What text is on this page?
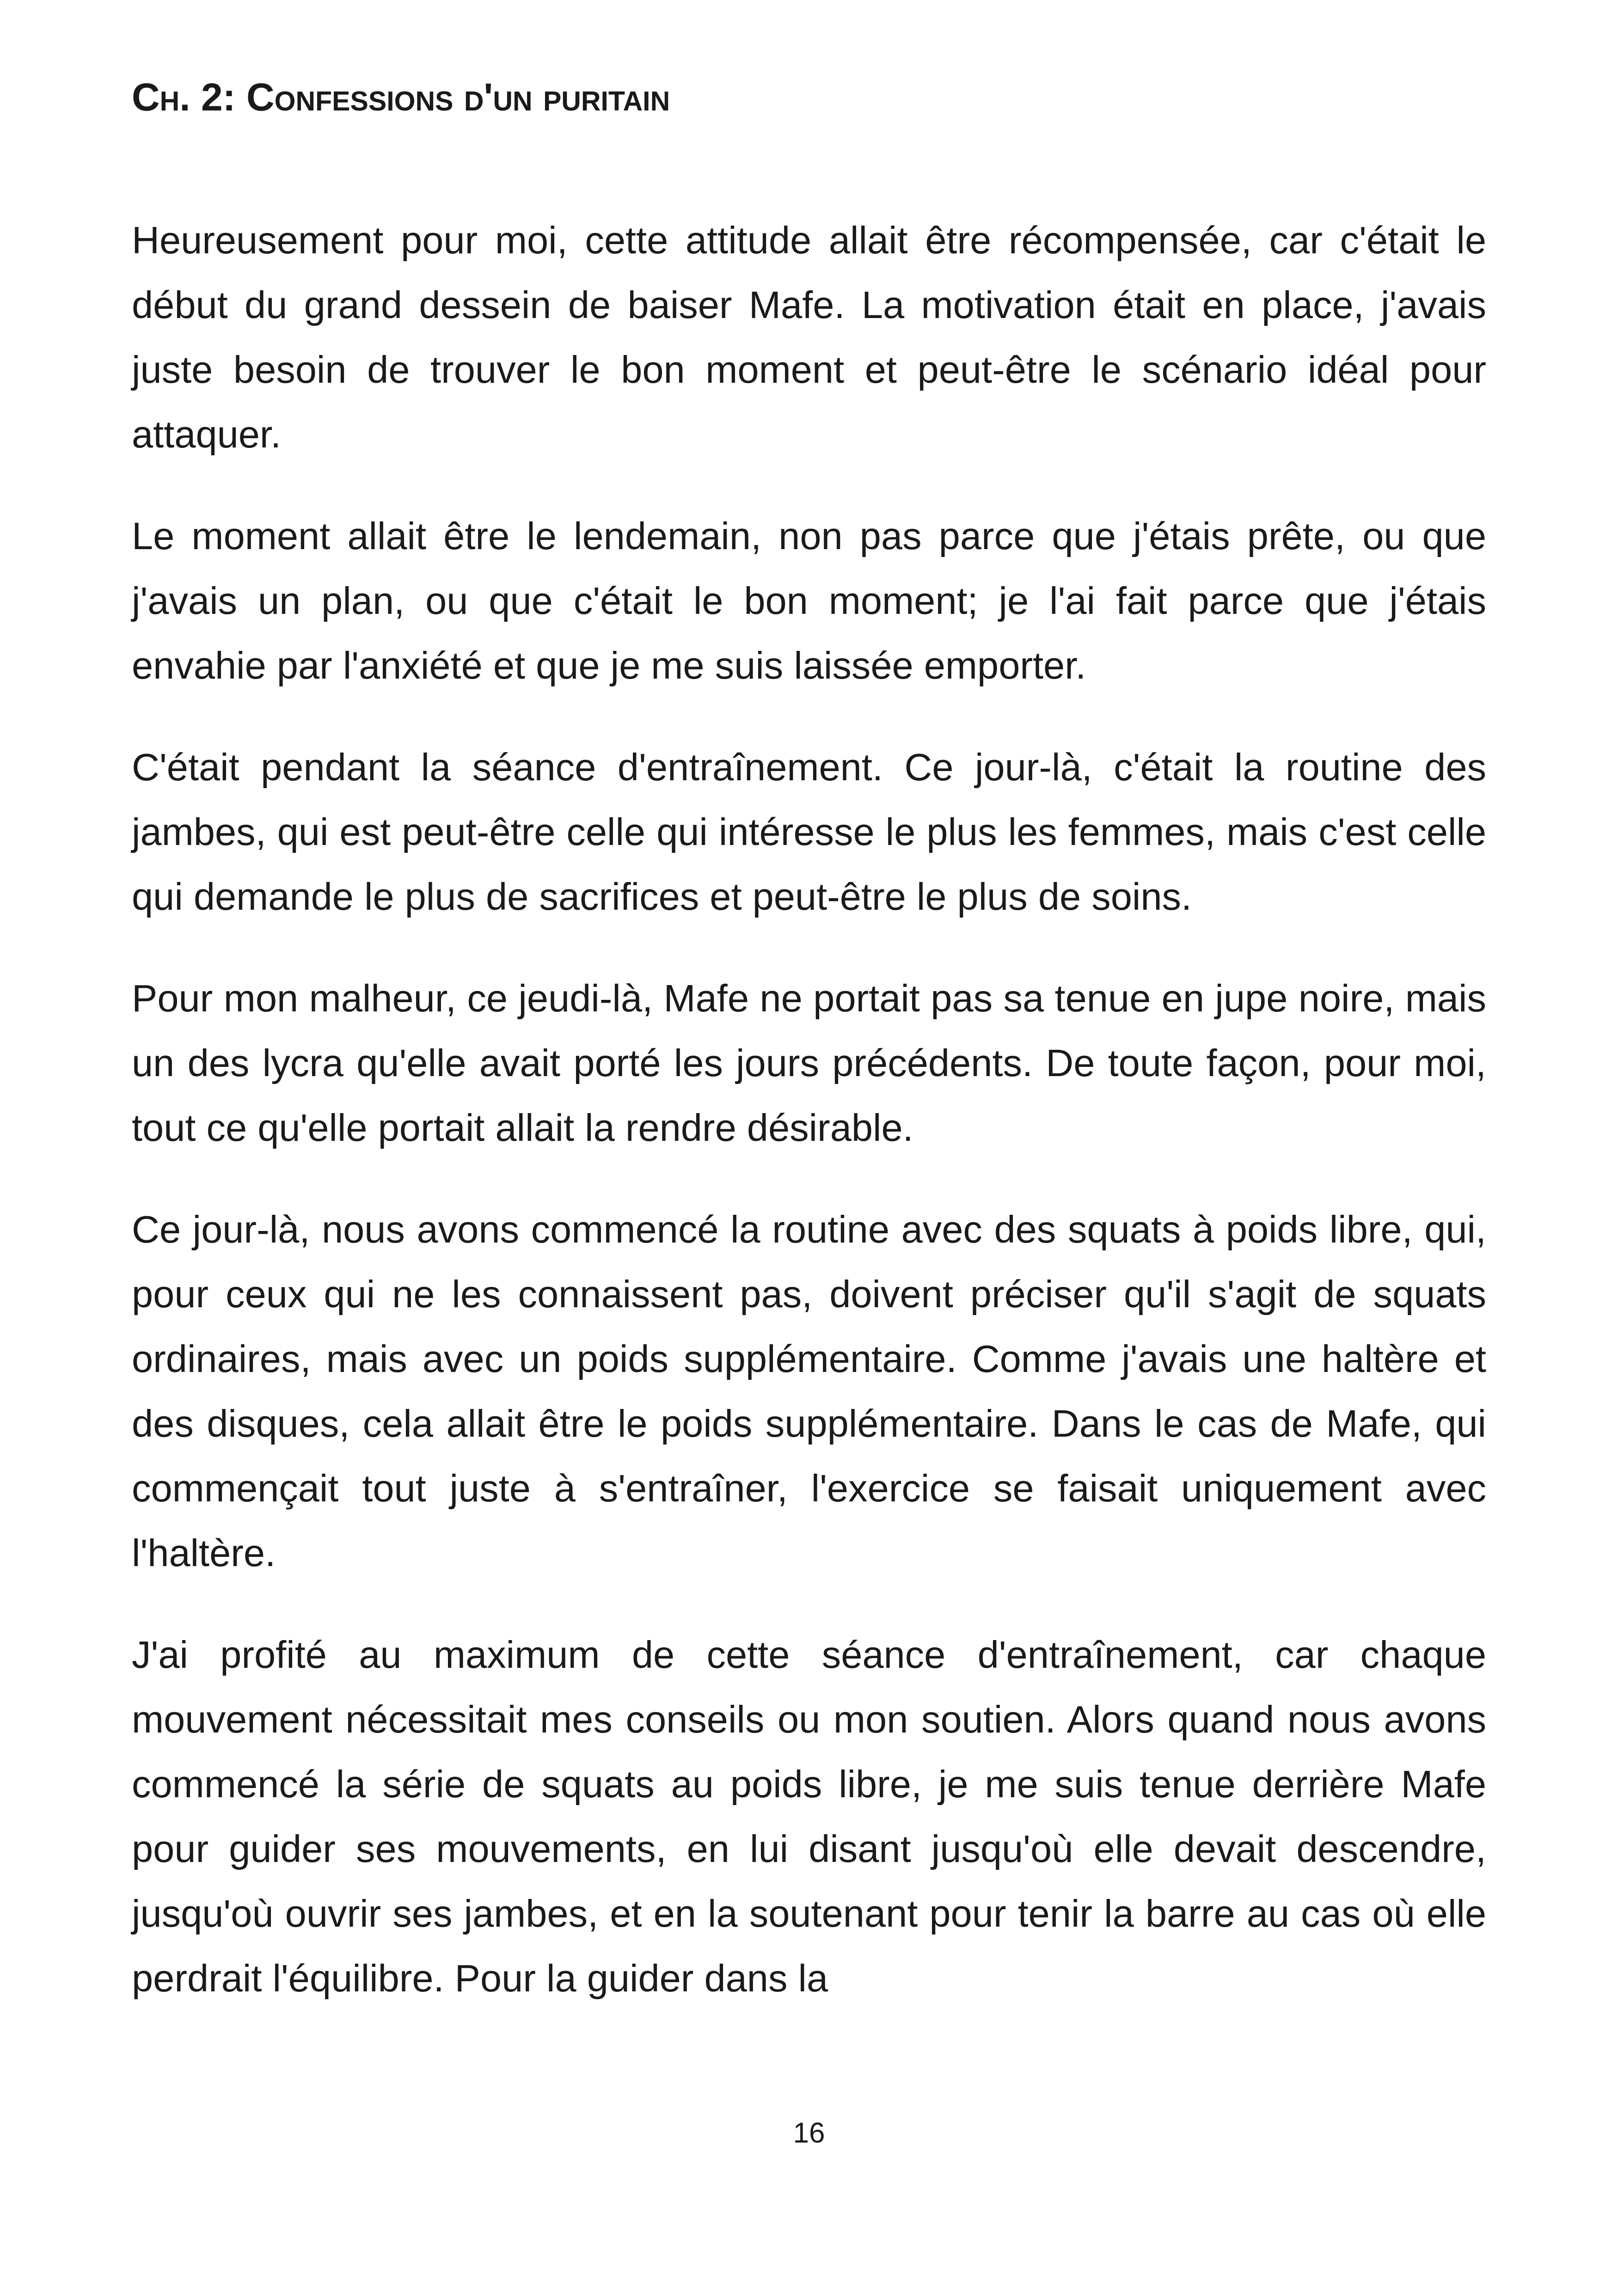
Ch. 2: Confessions d'un puritain

Heureusement pour moi, cette attitude allait être récompensée, car c'était le début du grand dessein de baiser Mafe. La motivation était en place, j'avais juste besoin de trouver le bon moment et peut-être le scénario idéal pour attaquer.

Le moment allait être le lendemain, non pas parce que j'étais prête, ou que j'avais un plan, ou que c'était le bon moment; je l'ai fait parce que j'étais envahie par l'anxiété et que je me suis laissée emporter.

C'était pendant la séance d'entraînement. Ce jour-là, c'était la routine des jambes, qui est peut-être celle qui intéresse le plus les femmes, mais c'est celle qui demande le plus de sacrifices et peut-être le plus de soins.

Pour mon malheur, ce jeudi-là, Mafe ne portait pas sa tenue en jupe noire, mais un des lycra qu'elle avait porté les jours précédents. De toute façon, pour moi, tout ce qu'elle portait allait la rendre désirable.

Ce jour-là, nous avons commencé la routine avec des squats à poids libre, qui, pour ceux qui ne les connaissent pas, doivent préciser qu'il s'agit de squats ordinaires, mais avec un poids supplémentaire. Comme j'avais une haltère et des disques, cela allait être le poids supplémentaire. Dans le cas de Mafe, qui commençait tout juste à s'entraîner, l'exercice se faisait uniquement avec l'haltère.

J'ai profité au maximum de cette séance d'entraînement, car chaque mouvement nécessitait mes conseils ou mon soutien. Alors quand nous avons commencé la série de squats au poids libre, je me suis tenue derrière Mafe pour guider ses mouvements, en lui disant jusqu'où elle devait descendre, jusqu'où ouvrir ses jambes, et en la soutenant pour tenir la barre au cas où elle perdrait l'équilibre. Pour la guider dans la

16
